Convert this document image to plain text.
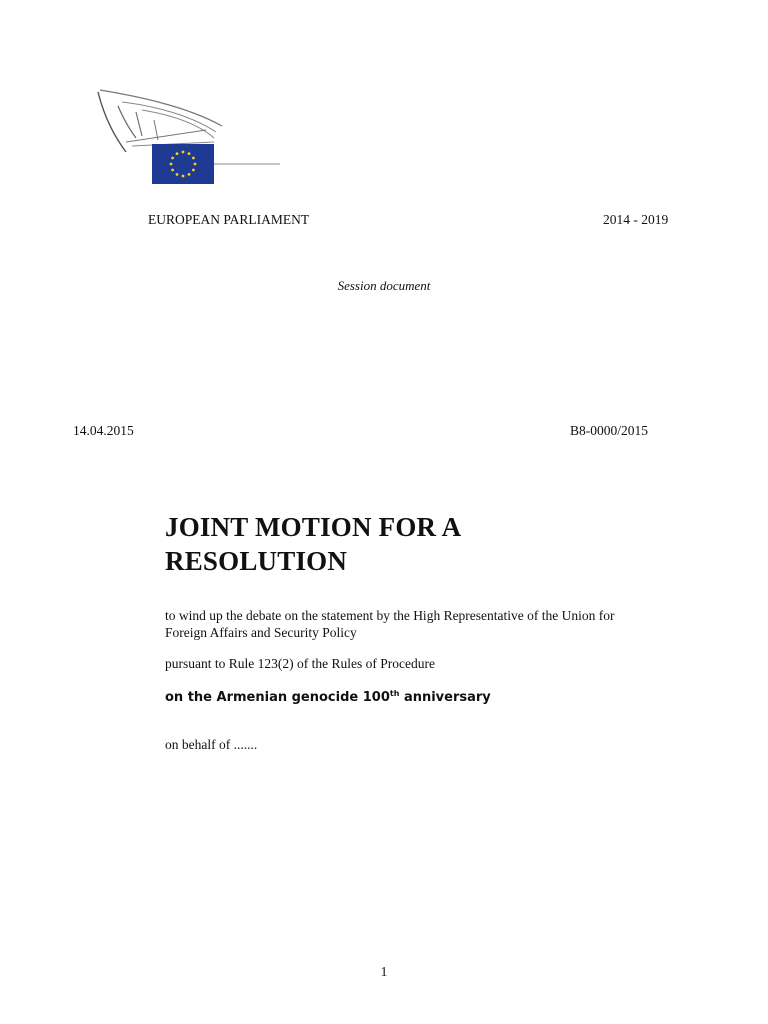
EUROPEAN PARLIAMENT	2014 - 2019
Session document
14.04.2015	B8-0000/2015
JOINT MOTION FOR A
RESOLUTION
to wind up the debate on the statement by the High Representative of the Union for
Foreign Affairs and Security Policy
pursuant to Rule 123(2) of the Rules of Procedure
on the Armenian genocide 100th anniversary
on behalf of .......
1
